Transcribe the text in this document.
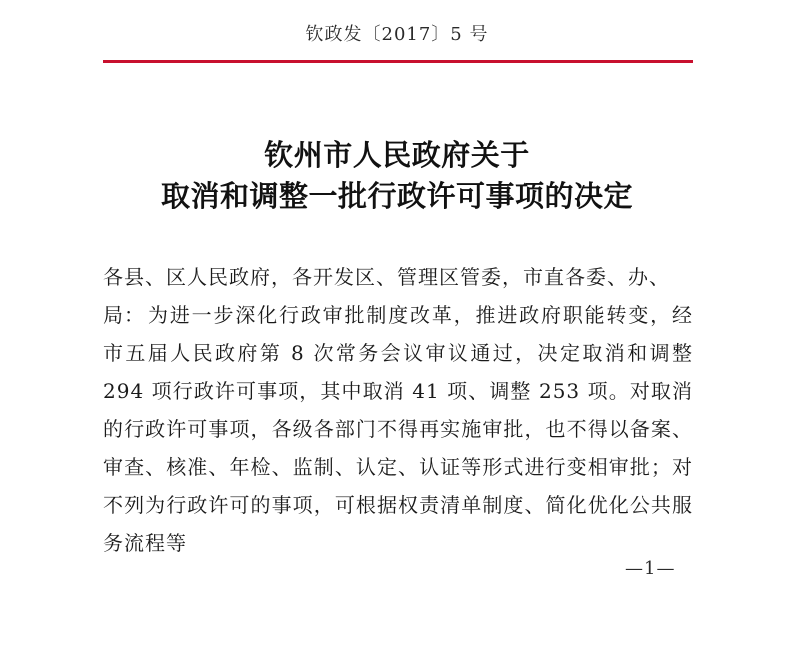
钦政发〔2017〕5 号
钦州市人民政府关于
取消和调整一批行政许可事项的决定
各县、区人民政府，各开发区、管理区管委，市直各委、办、局： 为进一步深化行政审批制度改革，推进政府职能转变，经市五届人民政府第 8 次常务会议审议通过，决定取消和调整 294 项行政许可事项，其中取消 41 项、调整 253 项。对取消的行政许可事项，各级各部门不得再实施审批，也不得以备案、审查、核准、年检、监制、认定、认证等形式进行变相审批；对不列为行政许可的事项，可根据权责清单制度、简化优化公共服务流程等
—1—
